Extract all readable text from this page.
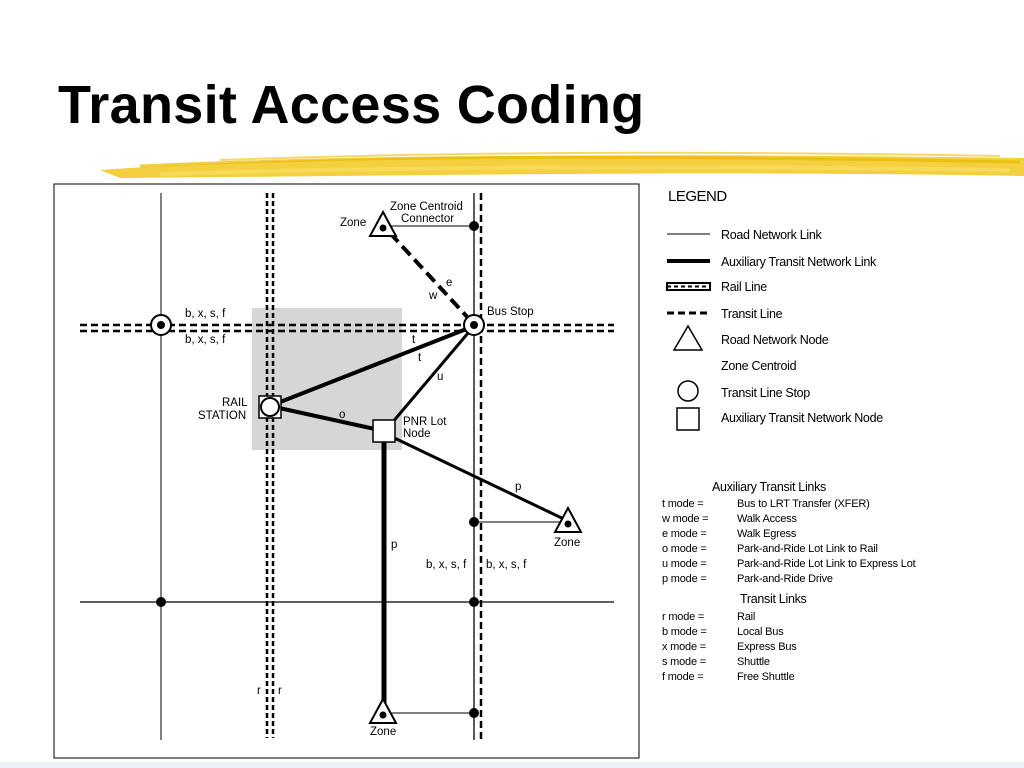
Transit Access Coding
Zone
Zone Centroid
Connector
e
w
Bus Stop
b, x, s, f
b, x, s, f	t
t
u
RAIL
STATION	o
PNR Lot
Node
p
Zone
p
b, x, s, f b, x, s, f
r r
Zone
LEGEND
Road Network Link
Auxiliary Transit Network Link
Rail Line
Transit Line
Road Network Node
Zone Centroid
Transit Line Stop
Auxiliary Transit Network Node
Auxiliary Transit Links
t mode =	Bus to LRT Transfer (XFER)
w mode =	Walk Access
e mode =	Walk Egress
o mode =	Park-and-Ride Lot Link to Rail
u mode =	Park-and-Ride Lot Link to Express Lot
p mode =	Park-and-Ride Drive
Transit Links
r mode =	Rail
b mode =	Local Bus
x mode =	Express Bus
s mode =	Shuttle
f mode =	Free Shuttle
